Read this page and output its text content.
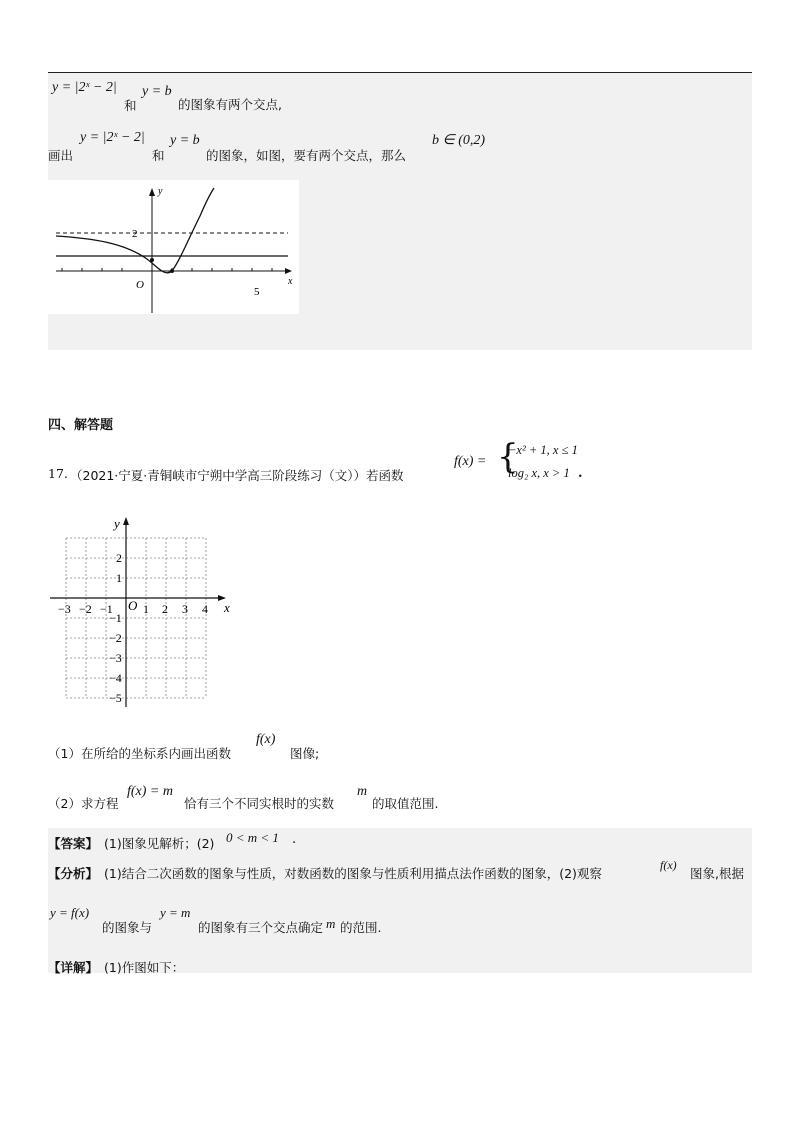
y = |2ˣ − 2|
和
y = b
的图象有两个交点,
画出
y = |2ˣ − 2|
和
y = b
的图象，如图，要有两个交点，那么
b ∈ (0,2)
y
x
O
2
5
四、解答题
17. （2021·宁夏·青铜峡市宁朔中学高三阶段练习（文））若函数
f(x) = {
−x² + 1, x ≤ 1
log₂ x, x > 1 .
y
x
O
−3 −2 −1	1 2 3 4
2
1
−1
−2
−3
−4
−5
（1）在所给的坐标系内画出函数
f(x)
图像;
（2）求方程
f(x) = m
恰有三个不同实根时的实数
m
的取值范围.
【答案】 (1)图象见解析；(2) 0 < m < 1 .
【分析】 (1)结合二次函数的图象与性质，对数函数的图象与性质利用描点法作函数的图象，(2)观察
f(x)
图象,根据
y = f(x)
的图象与
y = m
的图象有三个交点确定 m 的范围.
【详解】 (1)作图如下：
